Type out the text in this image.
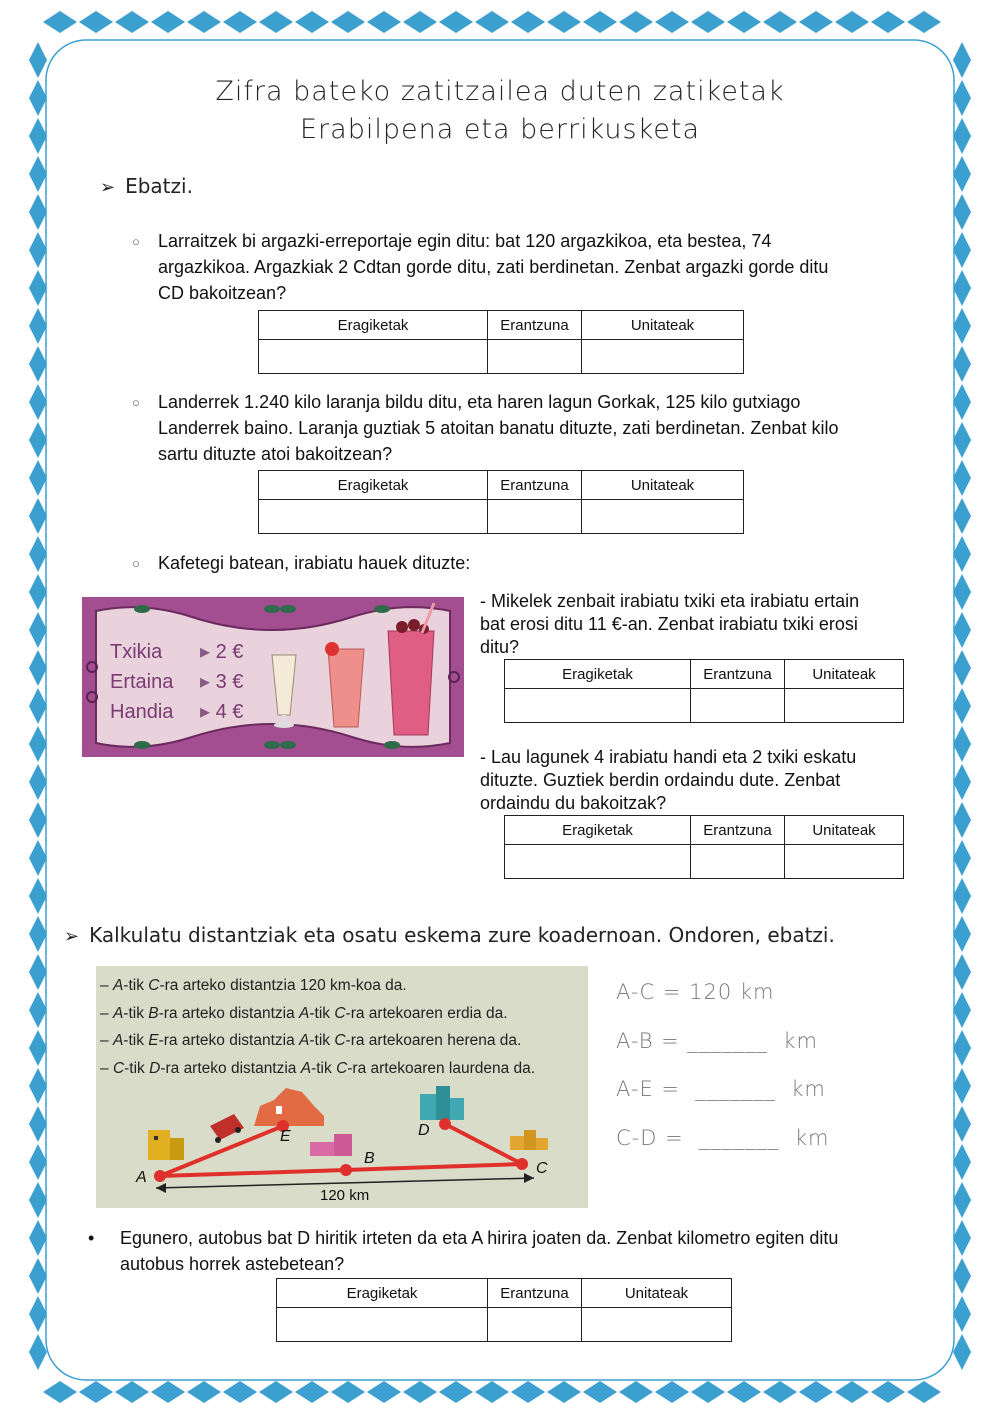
Zifra bateko zatitzailea duten zatiketak
Erabilpena eta berrikusketa
➢ Ebatzi.
○ Larraitzek bi argazki-erreportaje egin ditu: bat 120 argazkikoa, eta bestea, 74
argazkikoa. Argazkiak 2 Cdtan gorde ditu, zati berdinetan. Zenbat argazki gorde ditu
CD bakoitzean?
Eragiketak	Erantzuna	Unitateak

○ Landerrek 1.240 kilo laranja bildu ditu, eta haren lagun Gorkak, 125 kilo gutxiago
Landerrek baino. Laranja guztiak 5 atoitan banatu dituzte, zati berdinetan. Zenbat kilo
sartu dituzte atoi bakoitzean?
Eragiketak	Erantzuna	Unitateak

○ Kafetegi batean, irabiatu hauek dituzte:
Txikia ▸ 2 €
Ertaina ▸ 3 €
Handia ▸ 4 €
- Mikelek zenbait irabiatu txiki eta irabiatu ertain
bat erosi ditu 11 €-an. Zenbat irabiatu txiki erosi
ditu?
Eragiketak	Erantzuna	Unitateak

- Lau lagunek 4 irabiatu handi eta 2 txiki eskatu
dituzte. Guztiek berdin ordaindu dute. Zenbat
ordaindu du bakoitzak?
Eragiketak	Erantzuna	Unitateak

➢ Kalkulatu distantziak eta osatu eskema zure koadernoan. Ondoren, ebatzi.
– A-tik C-ra arteko distantzia 120 km-koa da.
– A-tik B-ra arteko distantzia A-tik C-ra artekoaren erdia da.
– A-tik E-ra arteko distantzia A-tik C-ra artekoaren herena da.
– C-tik D-ra arteko distantzia A-tik C-ra artekoaren laurdena da.
A
E
B
D
C
120 km
A-C = 120 km
A-B = _______  km
A-E =  _______  km
C-D =  _______  km
• Egunero, autobus bat D hiritik irteten da eta A hirira joaten da. Zenbat kilometro egiten ditu
autobus horrek astebetean?
Eragiketak	Erantzuna	Unitateak
